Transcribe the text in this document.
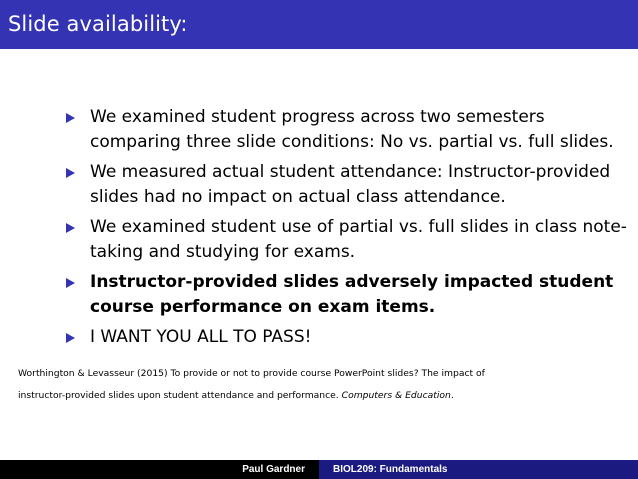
Slide availability:
We examined student progress across two semesters comparing three slide conditions: No vs. partial vs. full slides.
We measured actual student attendance: Instructor-provided slides had no impact on actual class attendance.
We examined student use of partial vs. full slides in class note-taking and studying for exams.
Instructor-provided slides adversely impacted student course performance on exam items.
I WANT YOU ALL TO PASS!
Worthington & Levasseur (2015) To provide or not to provide course PowerPoint slides? The impact of
instructor-provided slides upon student attendance and performance. Computers & Education.
Paul Gardner	BIOL209: Fundamentals
